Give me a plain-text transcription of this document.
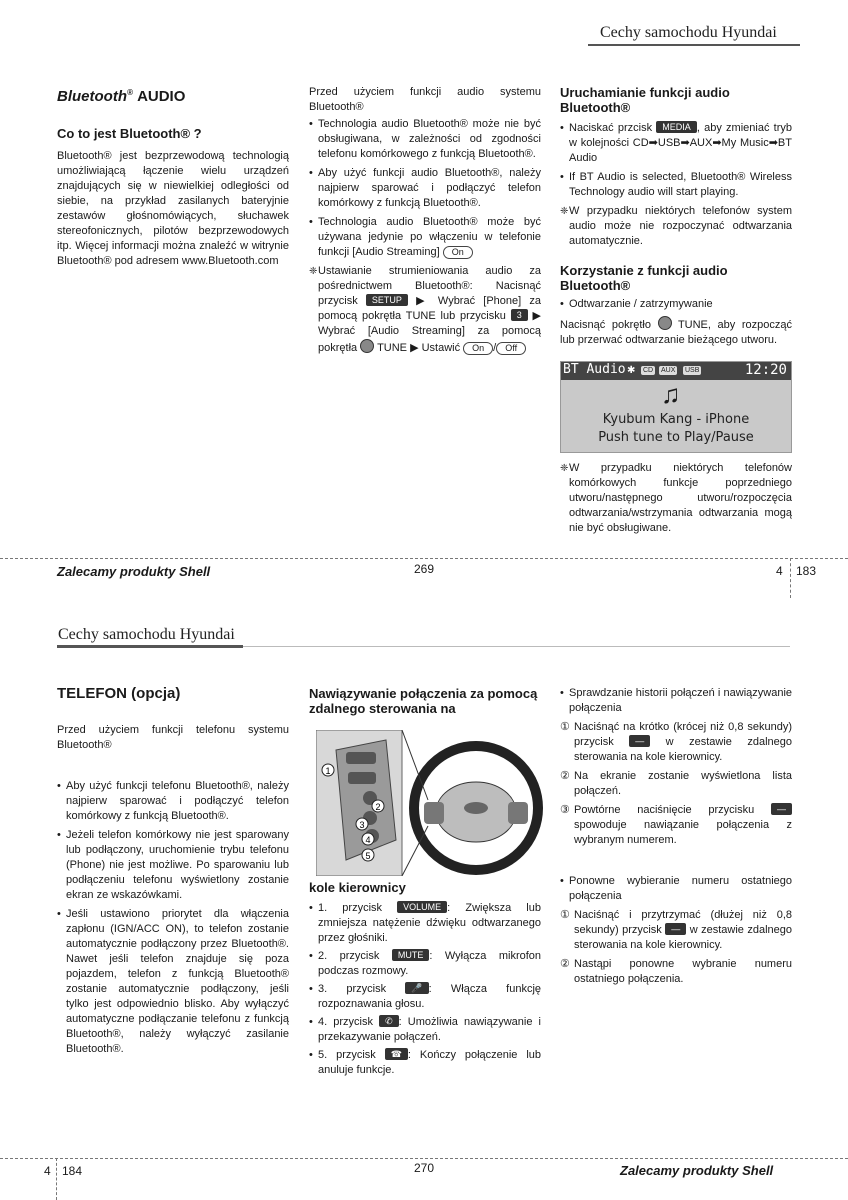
Cechy samochodu Hyundai
Bluetooth® AUDIO
Co to jest Bluetooth® ?

Bluetooth® jest bezprzewodową technologią umożliwiającą łączenie wielu urządzeń znajdujących się w niewielkiej odległości od siebie, na przykład zasilanych bateryjnie zestawów głośnomówiących, słuchawek stereofonicznych, pilotów bezprzewodowych itp. Więcej informacji można znaleźć w witrynie Bluetooth® pod adresem www.Bluetooth.com

Przed użyciem funkcji audio systemu Bluetooth®

• Technologia audio Bluetooth® może nie być obsługiwana, w zależności od zgodności telefonu komórkowego z funkcją Bluetooth®.
• Aby użyć funkcji audio Bluetooth®, należy najpierw sparować i podłączyć telefon komórkowy z funkcją Bluetooth®.
• Technologia audio Bluetooth® może być używana jedynie po włączeniu w telefonie funkcji [Audio Streaming] On
❈ Ustawianie strumieniowania audio za pośrednictwem Bluetooth®: Nacisnąć przycisk SETUP ▶ Wybrać [Phone] za pomocą pokrętła TUNE lub przycisku 3 ▶ Wybrać [Audio Streaming] za pomocą pokrętła TUNE ▶ Ustawić On / Off
Uruchamianie funkcji audio Bluetooth®
• Naciskać przcisk MEDIA , aby zmieniać tryb w kolejności CD➡USB➡AUX➡My Music➡BT Audio
• If BT Audio is selected, Bluetooth® Wireless Technology audio will start playing.
❈ W przypadku niektórych telefonów system audio może nie rozpoczynać odtwarzania automatycznie.
Korzystanie z funkcji audio Bluetooth®
• Odtwarzanie / zatrzymywanie

Nacisnąć pokrętło TUNE, aby rozpocząć lub przerwać odtwarzanie bieżącego utworu.

BT Audio ✱ CD AUX USB	12:20
♫
Kyubum Kang - iPhone
Push tune to Play/Pause
❈ W przypadku niektórych telefonów komórkowych funkcje poprzedniego utworu/następnego utworu/rozpoczęcia odtwarzania/wstrzymania odtwarzania mogą nie być obsługiwane.
Zalecamy produkty Shell	269	4 183
Cechy samochodu Hyundai
TELEFON (opcja)

Przed użyciem funkcji telefonu systemu Bluetooth®

• Aby użyć funkcji telefonu Bluetooth®, należy najpierw sparować i podłączyć telefon komórkowy z funkcją Bluetooth®.
• Jeżeli telefon komórkowy nie jest sparowany lub podłączony, uruchomienie trybu telefonu (Phone) nie jest możliwe. Po sparowaniu lub podłączeniu telefonu wyświetlony zostanie ekran ze wskazówkami.
• Jeśli ustawiono priorytet dla włączenia zapłonu (IGN/ACC ON), to telefon zostanie automatycznie podłączony przez Bluetooth®. Nawet jeśli telefon znajduje się poza pojazdem, telefon z funkcją Bluetooth® zostanie automatycznie podłączony, jeśli tylko jest odpowiednio blisko. Aby wyłączyć automatyczne podłączanie telefonu z funkcją Bluetooth®, należy wyłączyć zasilanie Bluetooth®.
Nawiązywanie połączenia za pomocą zdalnego sterowania na
1
2
3
4
5
kole kierownicy
• 1. przycisk VOLUME : Zwiększa lub zmniejsza natężenie dźwięku odtwarzanego przez głośniki.
• 2. przycisk MUTE : Wyłącza mikrofon podczas rozmowy.
• 3. przycisk	🎤 : Włącza funkcję rozpoznawania głosu.
• 4. przycisk ✆ : Umożliwia nawiązywanie i przekazywanie połączeń.
• 5. przycisk ☎ : Kończy połączenie lub anuluje funkcje.
• Sprawdzanie historii połączeń i nawiązywanie połączenia
① Naciśnąć na krótko (krócej niż 0,8 sekundy) przycisk — w zestawie zdalnego sterowania na kole kierownicy.
② Na ekranie zostanie wyświetlona lista połączeń.
③ Powtórne naciśnięcie przycisku	— spowoduje nawiązanie połączenia z wybranym numerem.
• Ponowne wybieranie numeru ostatniego połączenia
① Naciśnąć i przytrzymać (dłużej niż 0,8 sekundy) przycisk — w zestawie zdalnego sterowania na kole kierownicy.
② Nastąpi ponowne wybranie numeru ostatniego połączenia.
4 184	270	Zalecamy produkty Shell
